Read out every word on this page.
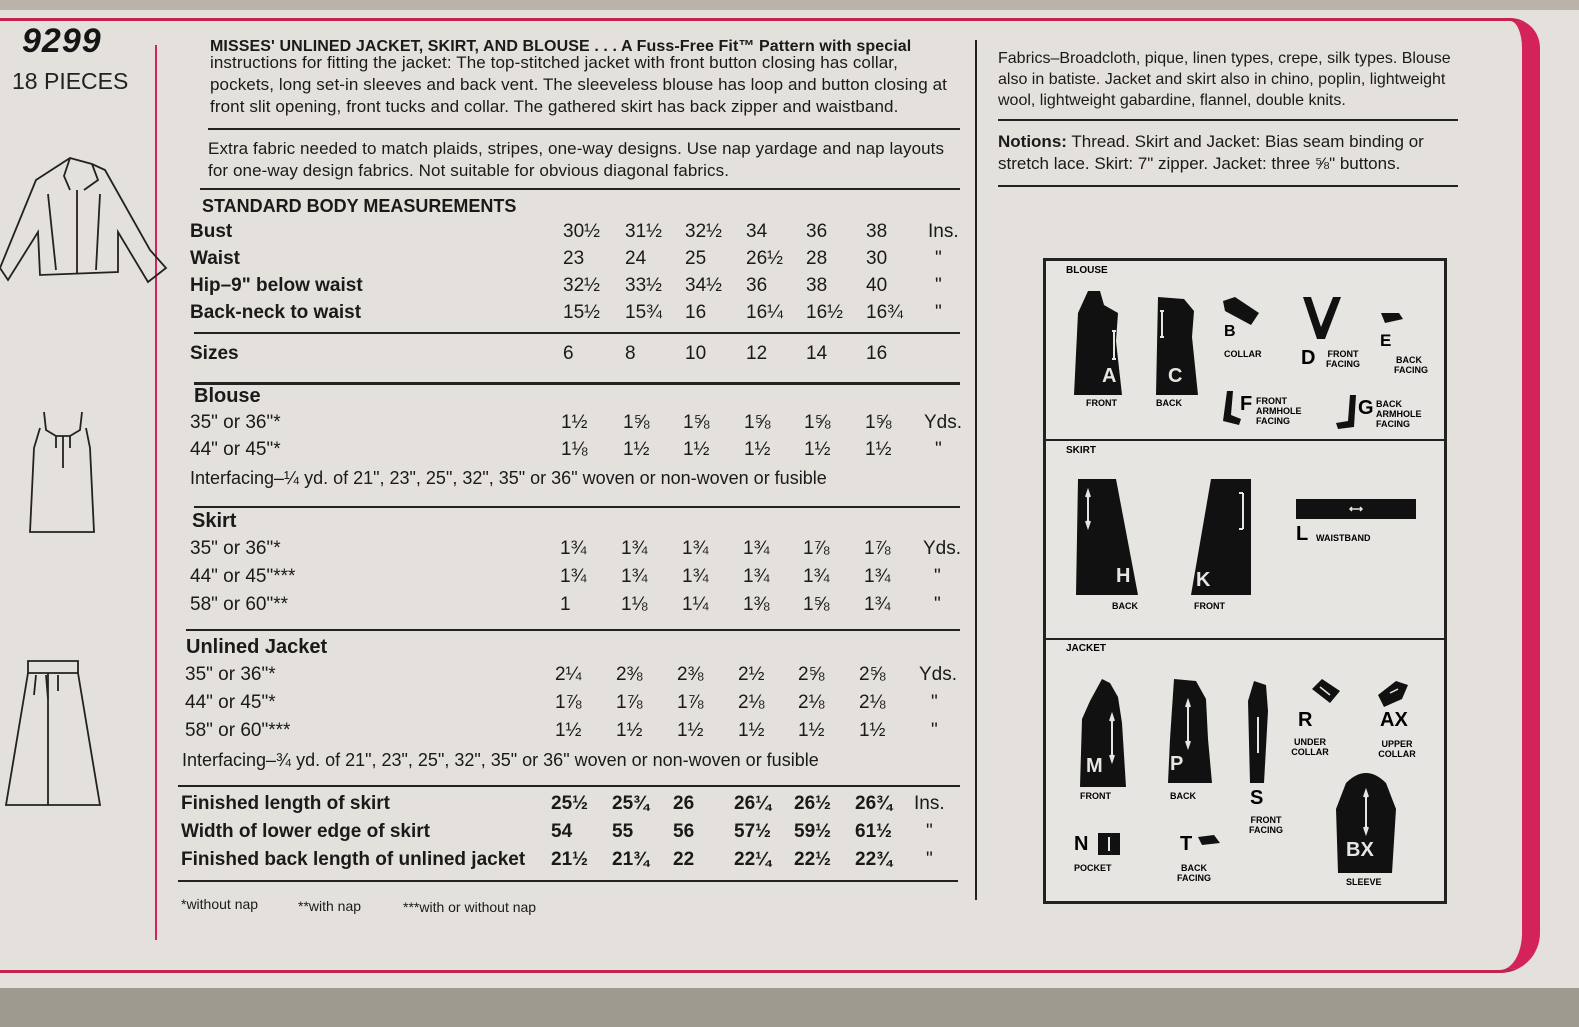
9299
18 PIECES
MISSES' UNLINED JACKET, SKIRT, AND BLOUSE . . . A Fuss-Free Fit™ Pattern with special
instructions for fitting the jacket: The top-stitched jacket with front button closing has collar,
pockets, long set-in sleeves and back vent. The sleeveless blouse has loop and button closing at
front slit opening, front tucks and collar. The gathered skirt has back zipper and waistband.
Extra fabric needed to match plaids, stripes, one-way designs. Use nap yardage and nap layouts
for one-way design fabrics. Not suitable for obvious diagonal fabrics.
STANDARD BODY MEASUREMENTS
Bust	30½	31½	32½	34	36	38	Ins.
Waist	23	24	25	26½	28	30	"
Hip–9" below waist	32½	33½	34½	36	38	40	"
Back-neck to waist	15½	15¾	16	16¼	16½	16¾	"
Sizes	6	8	10	12	14	16
Blouse
35" or 36"*	1½	1⅝	1⅝	1⅝	1⅝	1⅝	Yds.
44" or 45"*	1⅛	1½	1½	1½	1½	1½	"
Interfacing–¼ yd. of 21", 23", 25", 32", 35" or 36" woven or non-woven or fusible
Skirt
35" or 36"*	1¾	1¾	1¾	1¾	1⅞	1⅞	Yds.
44" or 45"***	1¾	1¾	1¾	1¾	1¾	1¾	"
58" or 60"**	1	1⅛	1¼	1⅜	1⅝	1¾	"
Unlined Jacket
35" or 36"*	2¼	2⅜	2⅜	2½	2⅝	2⅝	Yds.
44" or 45"*	1⅞	1⅞	1⅞	2⅛	2⅛	2⅛	"
58" or 60"***	1½	1½	1½	1½	1½	1½	"
Interfacing–¾ yd. of 21", 23", 25", 32", 35" or 36" woven or non-woven or fusible
Finished length of skirt	25½	25¾	26	26¼	26½	26¾	Ins.
Width of lower edge of skirt	54	55	56	57½	59½	61½	"
Finished back length of unlined jacket 21½	21¾	22	22¼	22½	22¾	"
*without nap	**with nap	***with or without nap
Fabrics–Broadcloth, pique, linen types, crepe, silk types. Blouse also in batiste. Jacket and skirt also in chino, poplin, lightweight wool, lightweight gabardine, flannel, double knits.
Notions: Thread. Skirt and Jacket: Bias seam binding or stretch lace. Skirt: 7" zipper. Jacket: three ⅝" buttons.
BLOUSE
A
FRONT
C
BACK
B
COLLAR D	FRONT FACING
E
BACK FACING
F FRONT ARMHOLE FACING
G BACK ARMHOLE FACING
SKIRT
H
BACK
K
FRONT
L WAISTBAND
JACKET
M
FRONT
P
BACK	S
FRONT FACING
R
UNDER COLLAR
AX
UPPER COLLAR
N
POCKET
T
BACK FACING
BX
SLEEVE
